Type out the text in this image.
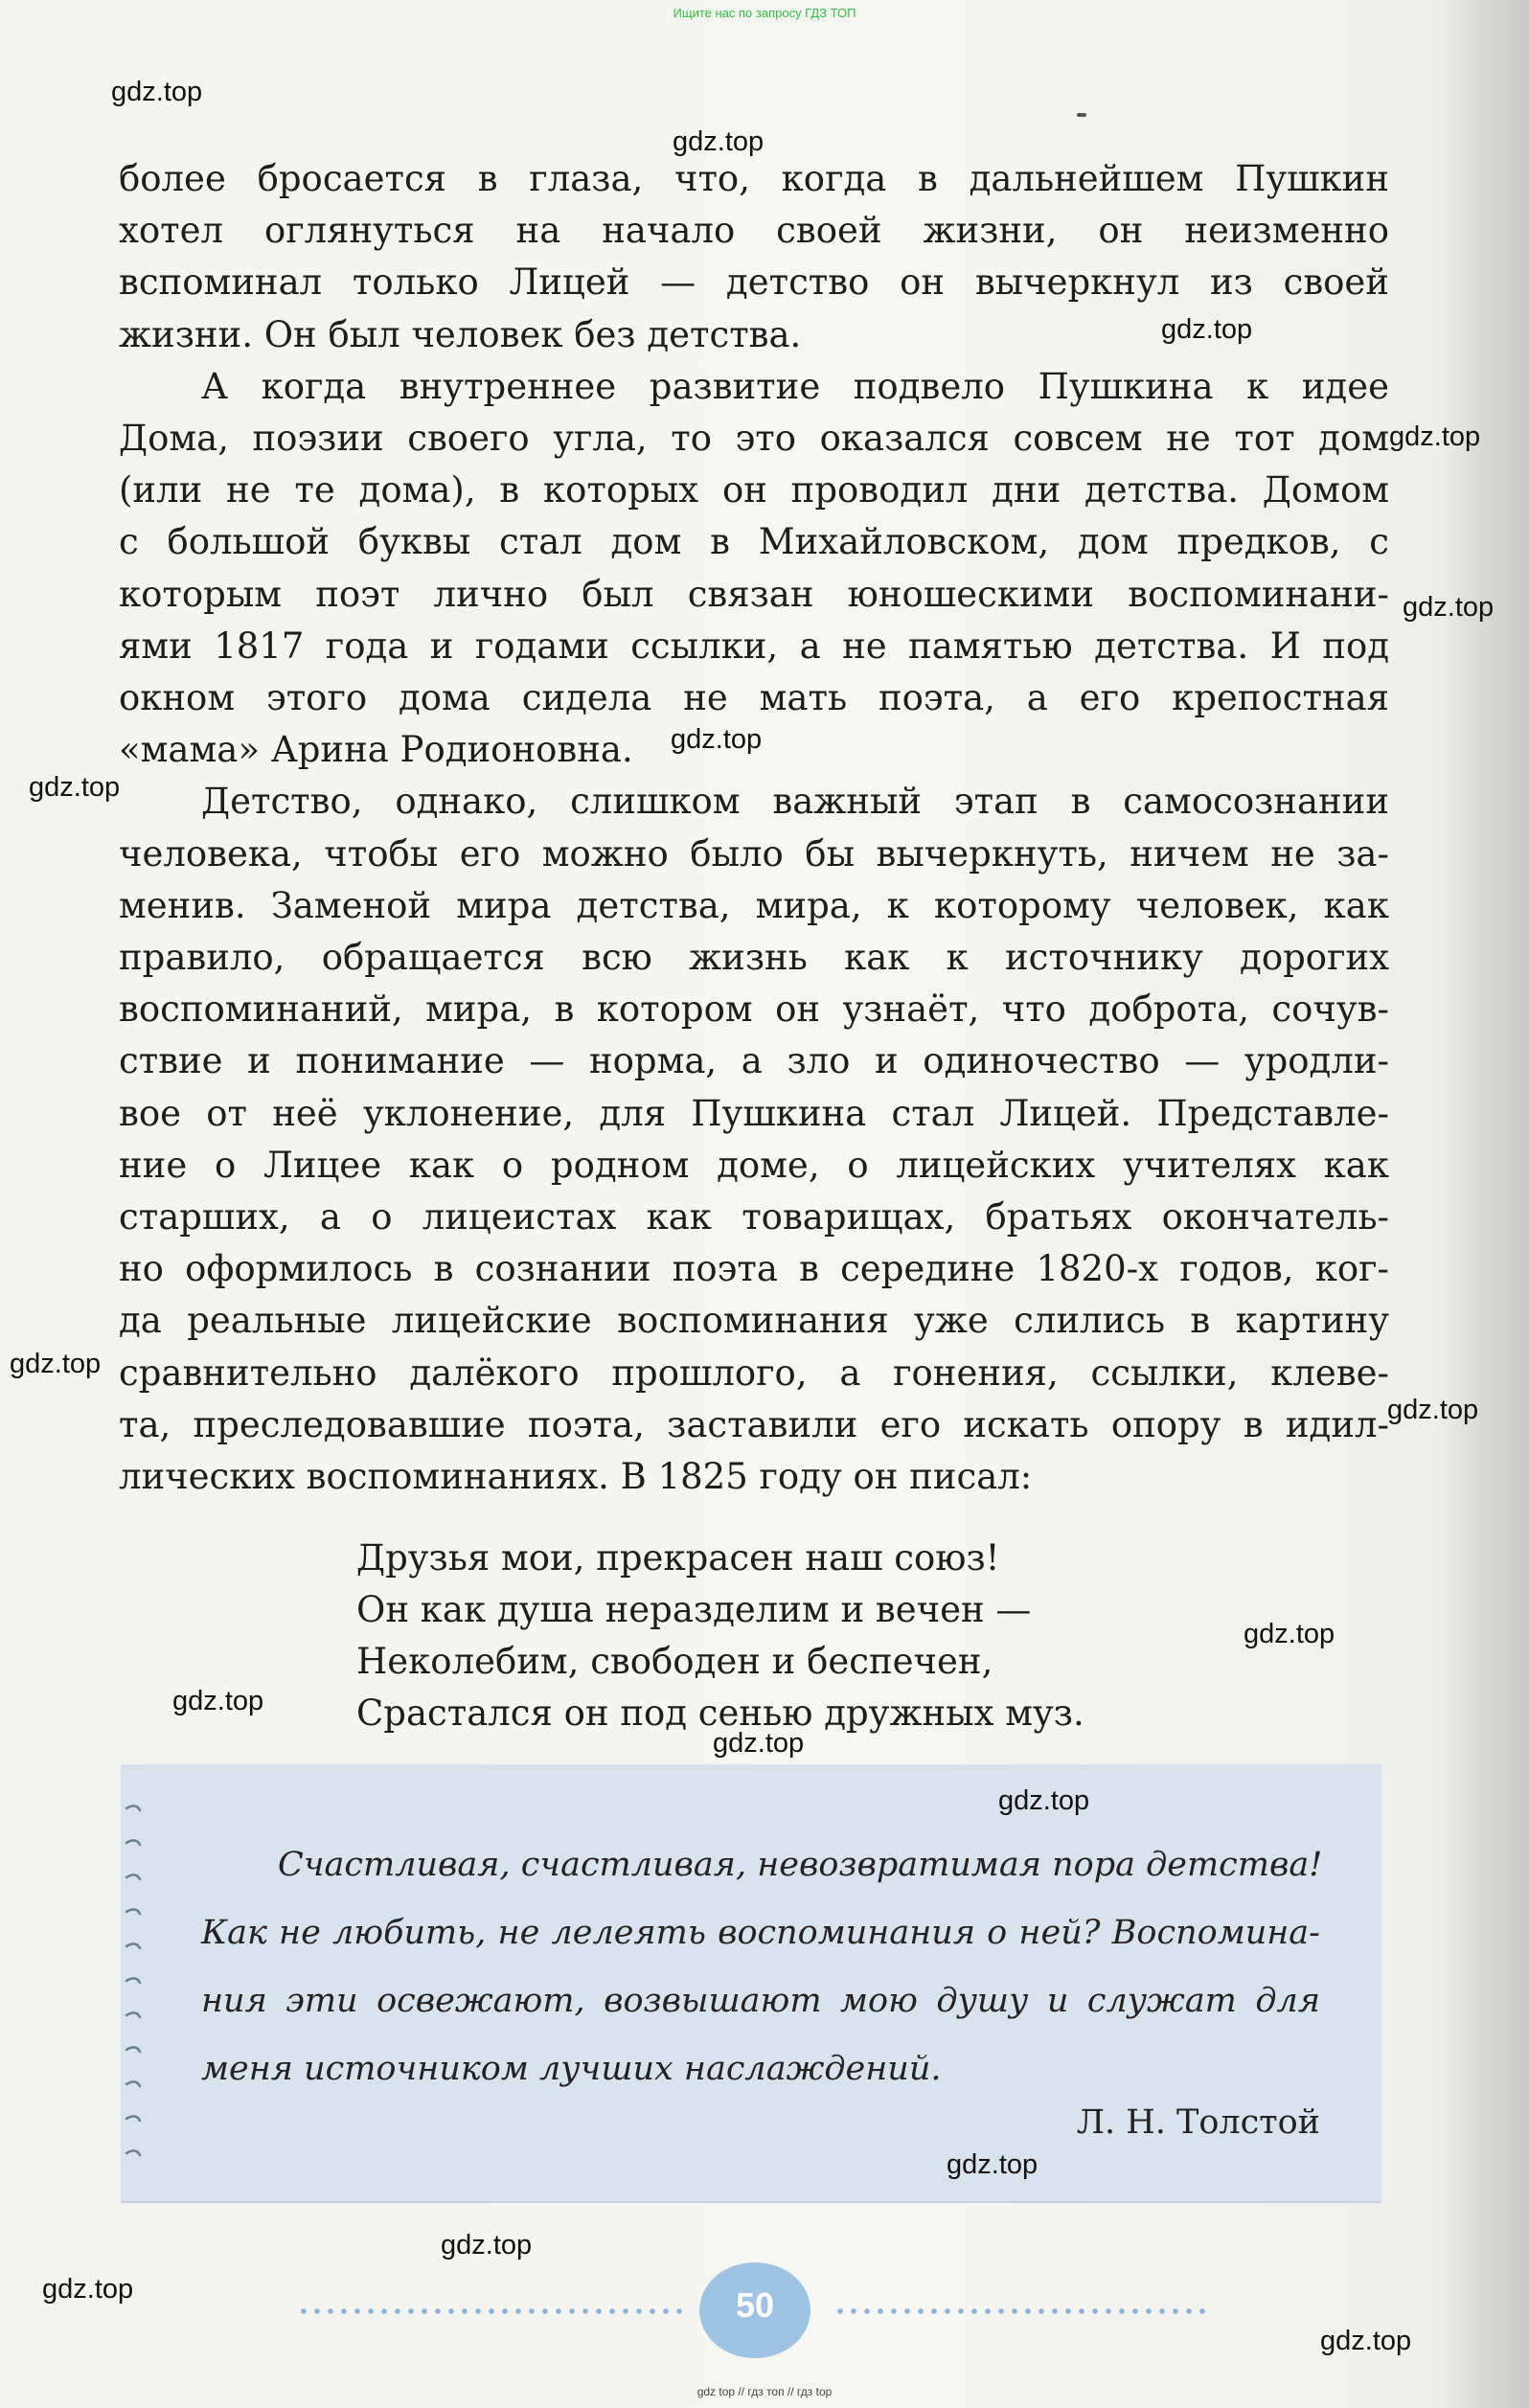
Ищите нас по запросу ГДЗ ТОП
более бросается в глаза, что, когда в дальнейшем Пушкин
хотел оглянуться на начало своей жизни, он неизменно
вспоминал только Лицей — детство он вычеркнул из своей
жизни. Он был человек без детства.
А когда внутреннее развитие подвело Пушкина к идее
Дома, поэзии своего угла, то это оказался совсем не тот дом
(или не те дома), в которых он проводил дни детства. Домом
с большой буквы стал дом в Михайловском, дом предков, с
которым поэт лично был связан юношескими воспоминани-
ями 1817 года и годами ссылки, а не памятью детства. И под
окном этого дома сидела не мать поэта, а его крепостная
«мама» Арина Родионовна.
Детство, однако, слишком важный этап в самосознании
человека, чтобы его можно было бы вычеркнуть, ничем не за-
менив. Заменой мира детства, мира, к которому человек, как
правило, обращается всю жизнь как к источнику дорогих
воспоминаний, мира, в котором он узнаёт, что доброта, сочув-
ствие и понимание — норма, а зло и одиночество — уродли-
вое от неё уклонение, для Пушкина стал Лицей. Представле-
ние о Лицее как о родном доме, о лицейских учителях как
старших, а о лицеистах как товарищах, братьях окончатель-
но оформилось в сознании поэта в середине 1820-х годов, ког-
да реальные лицейские воспоминания уже слились в картину
сравнительно далёкого прошлого, а гонения, ссылки, клеве-
та, преследовавшие поэта, заставили его искать опору в идил-
лических воспоминаниях. В 1825 году он писал:
Друзья мои, прекрасен наш союз!
Он как душа неразделим и вечен —
Неколебим, свободен и беспечен,
Срастался он под сенью дружных муз.
Счастливая, счастливая, невозвратимая пора детства!
Как не любить, не лелеять воспоминания о ней? Воспомина-
ния эти освежают, возвышают мою душу и служат для
меня источником лучших наслаждений.
Л. Н. Толстой
50
gdz.top
gdz.top
gdz.top
gdz.top
gdz.top
gdz.top
gdz.top
gdz.top
gdz.top
gdz.top
gdz.top
gdz.top
gdz.top
gdz.top
gdz.top
gdz.top
gdz.top
gdz top // гдз топ // гдз top
